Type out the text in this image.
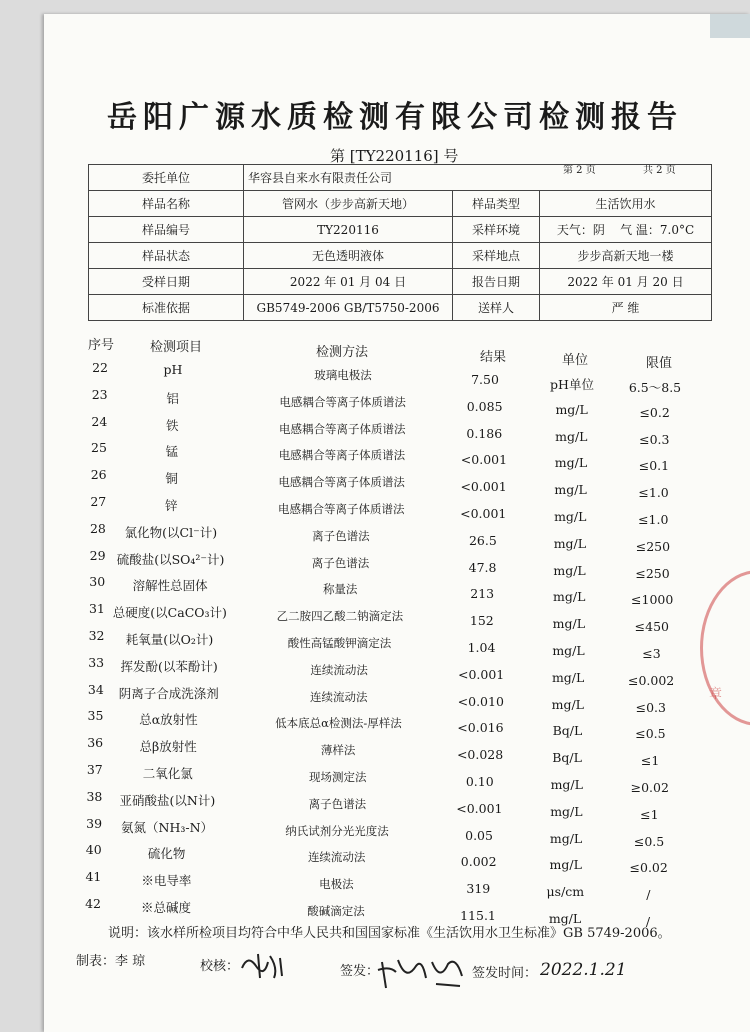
岳阳广源水质检测有限公司检测报告
第 [TY220116] 号
第 2 页	共 2 页
委托单位	华容县自来水有限责任公司		
样品名称	管网水（步步高新天地）	样品类型	生活饮用水
样品编号	TY220116	采样环境	天气：阴 气 温：7.0°C
样品状态	无色透明液体	采样地点	步步高新天地一楼
受样日期	2022 年 01 月 04 日	报告日期	2022 年 01 月 20 日
标准依据	GB5749-2006 GB/T5750-2006	送样人	严 维
序号	检测项目	检测方法	结果	单位	限值
22	pH	玻璃电极法	7.50	pH单位	6.5～8.5
23	铝	电感耦合等离子体质谱法	0.085	mg/L	≤0.2
24	铁	电感耦合等离子体质谱法	0.186	mg/L	≤0.3
25	锰	电感耦合等离子体质谱法	<0.001	mg/L	≤0.1
26	铜	电感耦合等离子体质谱法	<0.001	mg/L	≤1.0
27	锌	电感耦合等离子体质谱法	<0.001	mg/L	≤1.0
28	氯化物(以Cl⁻计)	离子色谱法	26.5	mg/L	≤250
29 硫酸盐(以SO₄²⁻计)	离子色谱法	47.8	mg/L	≤250
30	溶解性总固体	称量法	213	mg/L	≤1000
31 总硬度(以CaCO₃计)	乙二胺四乙酸二钠滴定法	152	mg/L	≤450
32	耗氧量(以O₂计)	酸性高锰酸钾滴定法	1.04	mg/L	≤3
33	挥发酚(以苯酚计)	连续流动法	<0.001	mg/L	≤0.002
34	阴离子合成洗涤剂	连续流动法	<0.010	mg/L	≤0.3
35	总α放射性	低本底总α检测法-厚样法	<0.016	Bq/L	≤0.5
36	总β放射性	薄样法	<0.028	Bq/L	≤1
37	二氧化氯	现场测定法	0.10	mg/L	≥0.02
38	亚硝酸盐(以N计)	离子色谱法	<0.001	mg/L	≤1
39	氨氮（NH₃-N）	纳氏试剂分光光度法	0.05	mg/L	≤0.5
40	硫化物	连续流动法	0.002	mg/L	≤0.02
41	※电导率	电极法	319	μs/cm	/
42	※总碱度	酸碱滴定法	115.1	mg/L	/
说明：该水样所检项目均符合中华人民共和国国家标准《生活饮用水卫生标准》GB 5749-2006。
制表：李 琼	校核：	签发：	签发时间： 2022.1.21
章
